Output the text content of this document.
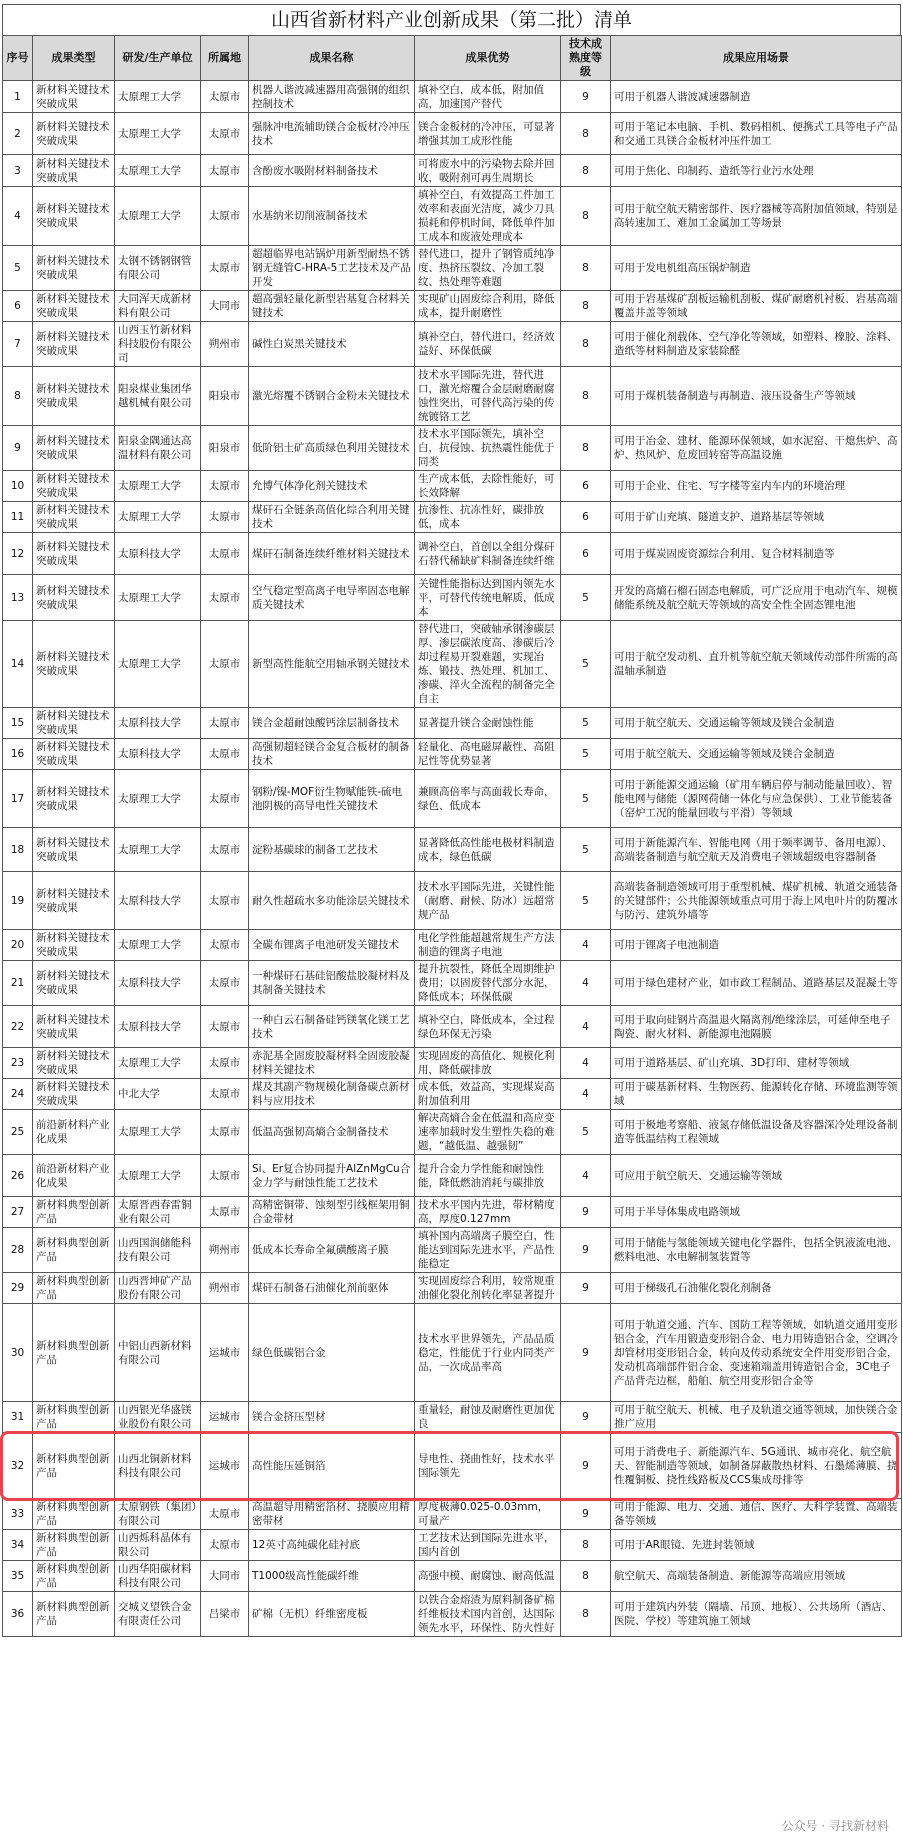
山西省新材料产业创新成果（第二批）清单
序号	成果类型	研发/生产单位	所属地	成果名称	成果优势	技术成熟度等级	成果应用场景
1	新材料关键技术突破成果	太原理工大学	太原市	机器人谐波减速器用高强钢的组织控制技术	填补空白，成本低，附加值高，加速国产替代	9	可用于机器人谐波减速器制造
2	新材料关键技术突破成果	太原理工大学	太原市	强脉冲电流辅助镁合金板材冷冲压技术	镁合金板材的冷冲压，可显著增强其加工成形性能	8	可用于笔记本电脑、手机、数码相机、便携式工具等电子产品和交通工具镁合金板材冲压件加工
3	新材料关键技术突破成果	太原理工大学	太原市	含酚废水吸附材料制备技术	可将废水中的污染物去除并回收，吸附剂可再生周期长	8	可用于焦化、印制药、造纸等行业污水处理
4	新材料关键技术突破成果	太原理工大学	太原市	水基纳米切削液制备技术	填补空白，有效提高工件加工效率和表面光洁度，减少刀具损耗和停机时间，降低单件加工成本和废液处理成本	8	可用于航空航天精密部件、医疗器械等高附加值领域，特别是高转速加工、难加工金属加工等场景
5	新材料关键技术突破成果	太钢不锈钢钢管有限公司	太原市	超超临界电站锅炉用新型耐热不锈钢无缝管C-HRA-5工艺技术及产品开发	替代进口，提升了钢管质纯净度、热挤压裂纹、冷加工裂纹、热处理等难题	8	可用于发电机组高压锅炉制造
6	新材料关键技术突破成果	大同浑天成新材料有限公司	大同市	超高强轻量化新型岩基复合材料关键技术	实现矿山固废综合利用，降低成本，提升耐磨性	8	可用于岩基煤矿刮板运输机刮板、煤矿耐磨机衬板、岩基高端覆盖井盖等领域
7	新材料关键技术突破成果	山西玉竹新材料科技股份有限公司	朔州市	碱性白炭黑关键技术	填补空白，替代进口，经济效益好、环保低碳	8	可用于催化剂载体、空气净化等领域，如塑料、橡胶、涂料、造纸等材料制造及家装除醛
8	新材料关键技术突破成果	阳泉煤业集团华越机械有限公司	阳泉市	激光熔覆不锈钢合金粉末关键技术	技术水平国际先进，替代进口，激光熔覆合金层耐磨耐腐蚀性突出，可替代高污染的传统镀铬工艺	8	可用于煤机装备制造与再制造、液压设备生产等领域
9	新材料关键技术突破成果	阳泉金隅通达高温材料有限公司	阳泉市	低阶铝土矿高质绿色利用关键技术	技术水平国际领先，填补空白，抗侵蚀、抗热震性能优于同类	8	可用于冶金、建材、能源环保领域，如水泥窑、干熄焦炉、高炉、热风炉、危废回转窑等高温设施
10	新材料关键技术突破成果	太原理工大学	太原市	允博气体净化剂关键技术	生产成本低，去除性能好，可长效降解	6	可用于企业、住宅、写字楼等室内车内的环境治理
11	新材料关键技术突破成果	太原理工大学	太原市	煤矸石全链条高值化综合利用关键技术	抗渗性、抗冻性好，碳排放低，成本	6	可用于矿山充填、隧道支护、道路基层等领域
12	新材料关键技术突破成果	太原科技大学	太原市	煤矸石制备连续纤维材料关键技术	调补空白，首创以全组分煤矸石替代稀缺矿料制备连续纤维	6	可用于煤炭固废资源综合利用、复合材料制造等
13	新材料关键技术突破成果	太原理工大学	太原市	空气稳定型高离子电导率固态电解质关键技术	关键性能指标达到国内领先水平，可替代传统电解质，低成本	5	开发的高熵石榴石固态电解质，可广泛应用于电动汽车、规模储能系统及航空航天等领域的高安全性全固态锂电池
14	新材料关键技术突破成果	太原理工大学	太原市	新型高性能航空用轴承钢关键技术	替代进口，突破轴承钢渗碳层厚、渗层碳浓度高、渗碳后冷却过程易开裂难题，实现冶炼、锻技、热处理、机加工、渗碳、淬火全流程的制备完全自主	5	可用于航空发动机、直升机等航空航天领域传动部件所需的高温轴承制造
15	新材料关键技术突破成果	太原科技大学	太原市	镁合金超耐蚀酸钙涂层制备技术	显著提升镁合金耐蚀性能	5	可用于航空航天、交通运输等领域及镁合金制造
16	新材料关键技术突破成果	太原科技大学	太原市	高强韧超轻镁合金复合板材的制备技术	轻量化、高电磁屏蔽性、高阻尼性等优势显著	5	可用于航空航天、交通运输等领域及镁合金制造
17	新材料关键技术突破成果	太原理工大学	太原市	钢粉/镍-MOF衍生物赋能铁-硫电池阴极的高导电性关键技术	兼顾高倍率与高面载长寿命，绿色、低成本	5	可用于新能源交通运输（矿用车辆启停与制动能量回收）、智能电网与储能（源网荷储一体化与应急保供）、工业节能装备（窑炉工况的能量回收与平滑）等领域
18	新材料关键技术突破成果	太原理工大学	太原市	淀粉基碳球的制备工艺技术	显著降低高性能电极材料制造成本，绿色低碳	5	可用于新能源汽车、智能电网（用于频率调节、备用电源）、高端装备制造与航空航天及消费电子领域超级电容器制备
19	新材料关键技术突破成果	太原科技大学	太原市	耐久性超疏水多功能涂层关键技术	技术水平国际先进，关键性能（耐磨、耐候、防冰）远超常规产品	5	高端装备制造领域可用于重型机械、煤矿机械、轨道交通装备的关键部件；公共能源领域重点可用于海上风电叶片的防覆冰与防污、建筑外墙等
20	新材料关键技术突破成果	太原理工大学	太原市	全碳布锂离子电池研发关键技术	电化学性能超越常规生产方法制造的锂离子电池	4	可用于锂离子电池制造
21	新材料关键技术突破成果	太原科技大学	太原市	一种煤矸石基硅铝酸盐胶凝材料及其制备关键技术	提升抗裂性，降低全周期维护费用；以固废替代部分水泥，降低成本；环保低碳	4	可用于绿色建材产业，如市政工程制品、道路基层及混凝土等
22	新材料关键技术突破成果	太原科技大学	太原市	一种白云石制备硅钙镁氧化镁工艺技术	填补空白，降低成本，全过程绿色环保无污染	4	可用于取向硅钢片高温退火隔离剂/绝缘涂层，可延伸至电子陶瓷、耐火材料、新能源电池隔膜
23	新材料关键技术突破成果	太原理工大学	太原市	赤泥基全固废胶凝材料全固废胶凝材料关键技术	实现固废的高值化、规模化利用，降低碳排放	4	可用于道路基层、矿山充填、3D打印、建材等领域
24	新材料关键技术突破成果	中北大学	太原市	煤及其副产物规模化制备碳点新材料与应用技术	成本低，效益高，实现煤炭高附加值利用	4	可用于碳基新材料、生物医药、能源转化存储、环境监测等领域
25	前沿新材料产业化成果	太原理工大学	太原市	低温高强韧高熵合金制备技术	解决高熵合金在低温和高应变速率加载时发生塑性失稳的难题，“越低温、越强韧”	5	可用于极地考察船、液氮存储低温设备及容器深冷处理设备制造等低温结构工程领域
26	前沿新材料产业化成果	太原理工大学	太原市	Si、Er复合协同提升AlZnMgCu合金力学与耐蚀性能工艺技术	提升合金力学性能和耐蚀性能，降低燃油消耗与碳排放	4	可应用于航空航天、交通运输等领域
27	新材料典型创新产品	太原晋西春雷铜业有限公司	太原市	高精密铜带、蚀刻型引线框架用铜合金带材	技术水平国内先进，带材精度高，厚度0.127mm	9	可用于半导体集成电路领域
28	新材料典型创新产品	山西国润储能科技有限公司	朔州市	低成本长寿命全氟磺酸离子膜	填补国内高端离子膜空白，性能达到国际先进水平，产品性能稳定	9	可用于储能与氢能领域关键电化学器件，包括全钒液流电池、燃料电池、水电解制氢装置等
29	新材料典型创新产品	山西晋坤矿产品股份有限公司	朔州市	煤矸石制备石油催化剂前驱体	实现固废综合利用，较常规重油催化裂化剂转化率显著提升	9	可用于梯级孔石油催化裂化剂制备
30	新材料典型创新产品	中铝山西新材料有限公司	运城市	绿色低碳铝合金	技术水平世界领先，产品品质稳定，性能优于行业内同类产品，一次成品率高	9	可用于轨道交通、汽车、国防工程等领域，如轨道交通用变形铝合金，汽车用锻造变形铝合金、电力用铸造铝合金，空调冷却管材用变形铝合金，转向及传动系统安全件用变形铝合金，发动机高端部件铝合金、变速箱端盖用铸造铝合金，3C电子产品背壳边框，船舶、航空用变形铝合金等
31	新材料典型创新产品	山西银光华盛镁业股份有限公司	运城市	镁合金挤压型材	重量轻，耐蚀及耐磨性更加优良	9	可用于航空航天、机械、电子及轨道交通等领域，加快镁合金推广应用
32	新材料典型创新产品	山西北铜新材料科技有限公司	运城市	高性能压延铜箔	导电性、挠曲性好，技术水平国际领先	9	可用于消费电子、新能源汽车、5G通讯、城市亮化、航空航天、智能制造等领域，如制备屏蔽散热材料、石墨烯薄膜、挠性覆铜板、挠性线路板及CCS集成母排等
33	新材料典型创新产品	太原钢铁（集团）有限公司	太原市	高温超导用精密箔材、挠膜应用精密带材	厚度极薄0.025-0.03mm，可量产	9	可用于能源、电力、交通、通信、医疗、大科学装置、高端装备等领域
34	新材料典型创新产品	山西烁科晶体有限公司	太原市	12英寸高纯碳化硅衬底	工艺技术达到国际先进水平，国内首创	8	可用于AR眼镜、先进封装领域
35	新材料典型创新产品	山西华阳碳材料科技有限公司	大同市	T1000级高性能碳纤维	高强中模、耐腐蚀、耐高低温	8	航空航天、高端装备制造、新能源等高端应用领域
36	新材料典型创新产品	交城义望铁合金有限责任公司	吕梁市	矿棉（无机）纤维密度板	以铁合金熔渣为原料制备矿棉纤维板技术国内首创，达国际领先水平，环保性、防火性好	8	可用于建筑内外装（隔墙、吊顶、地板）、公共场所（酒店、医院、学校）等建筑施工领域
公众号 · 寻找新材料
